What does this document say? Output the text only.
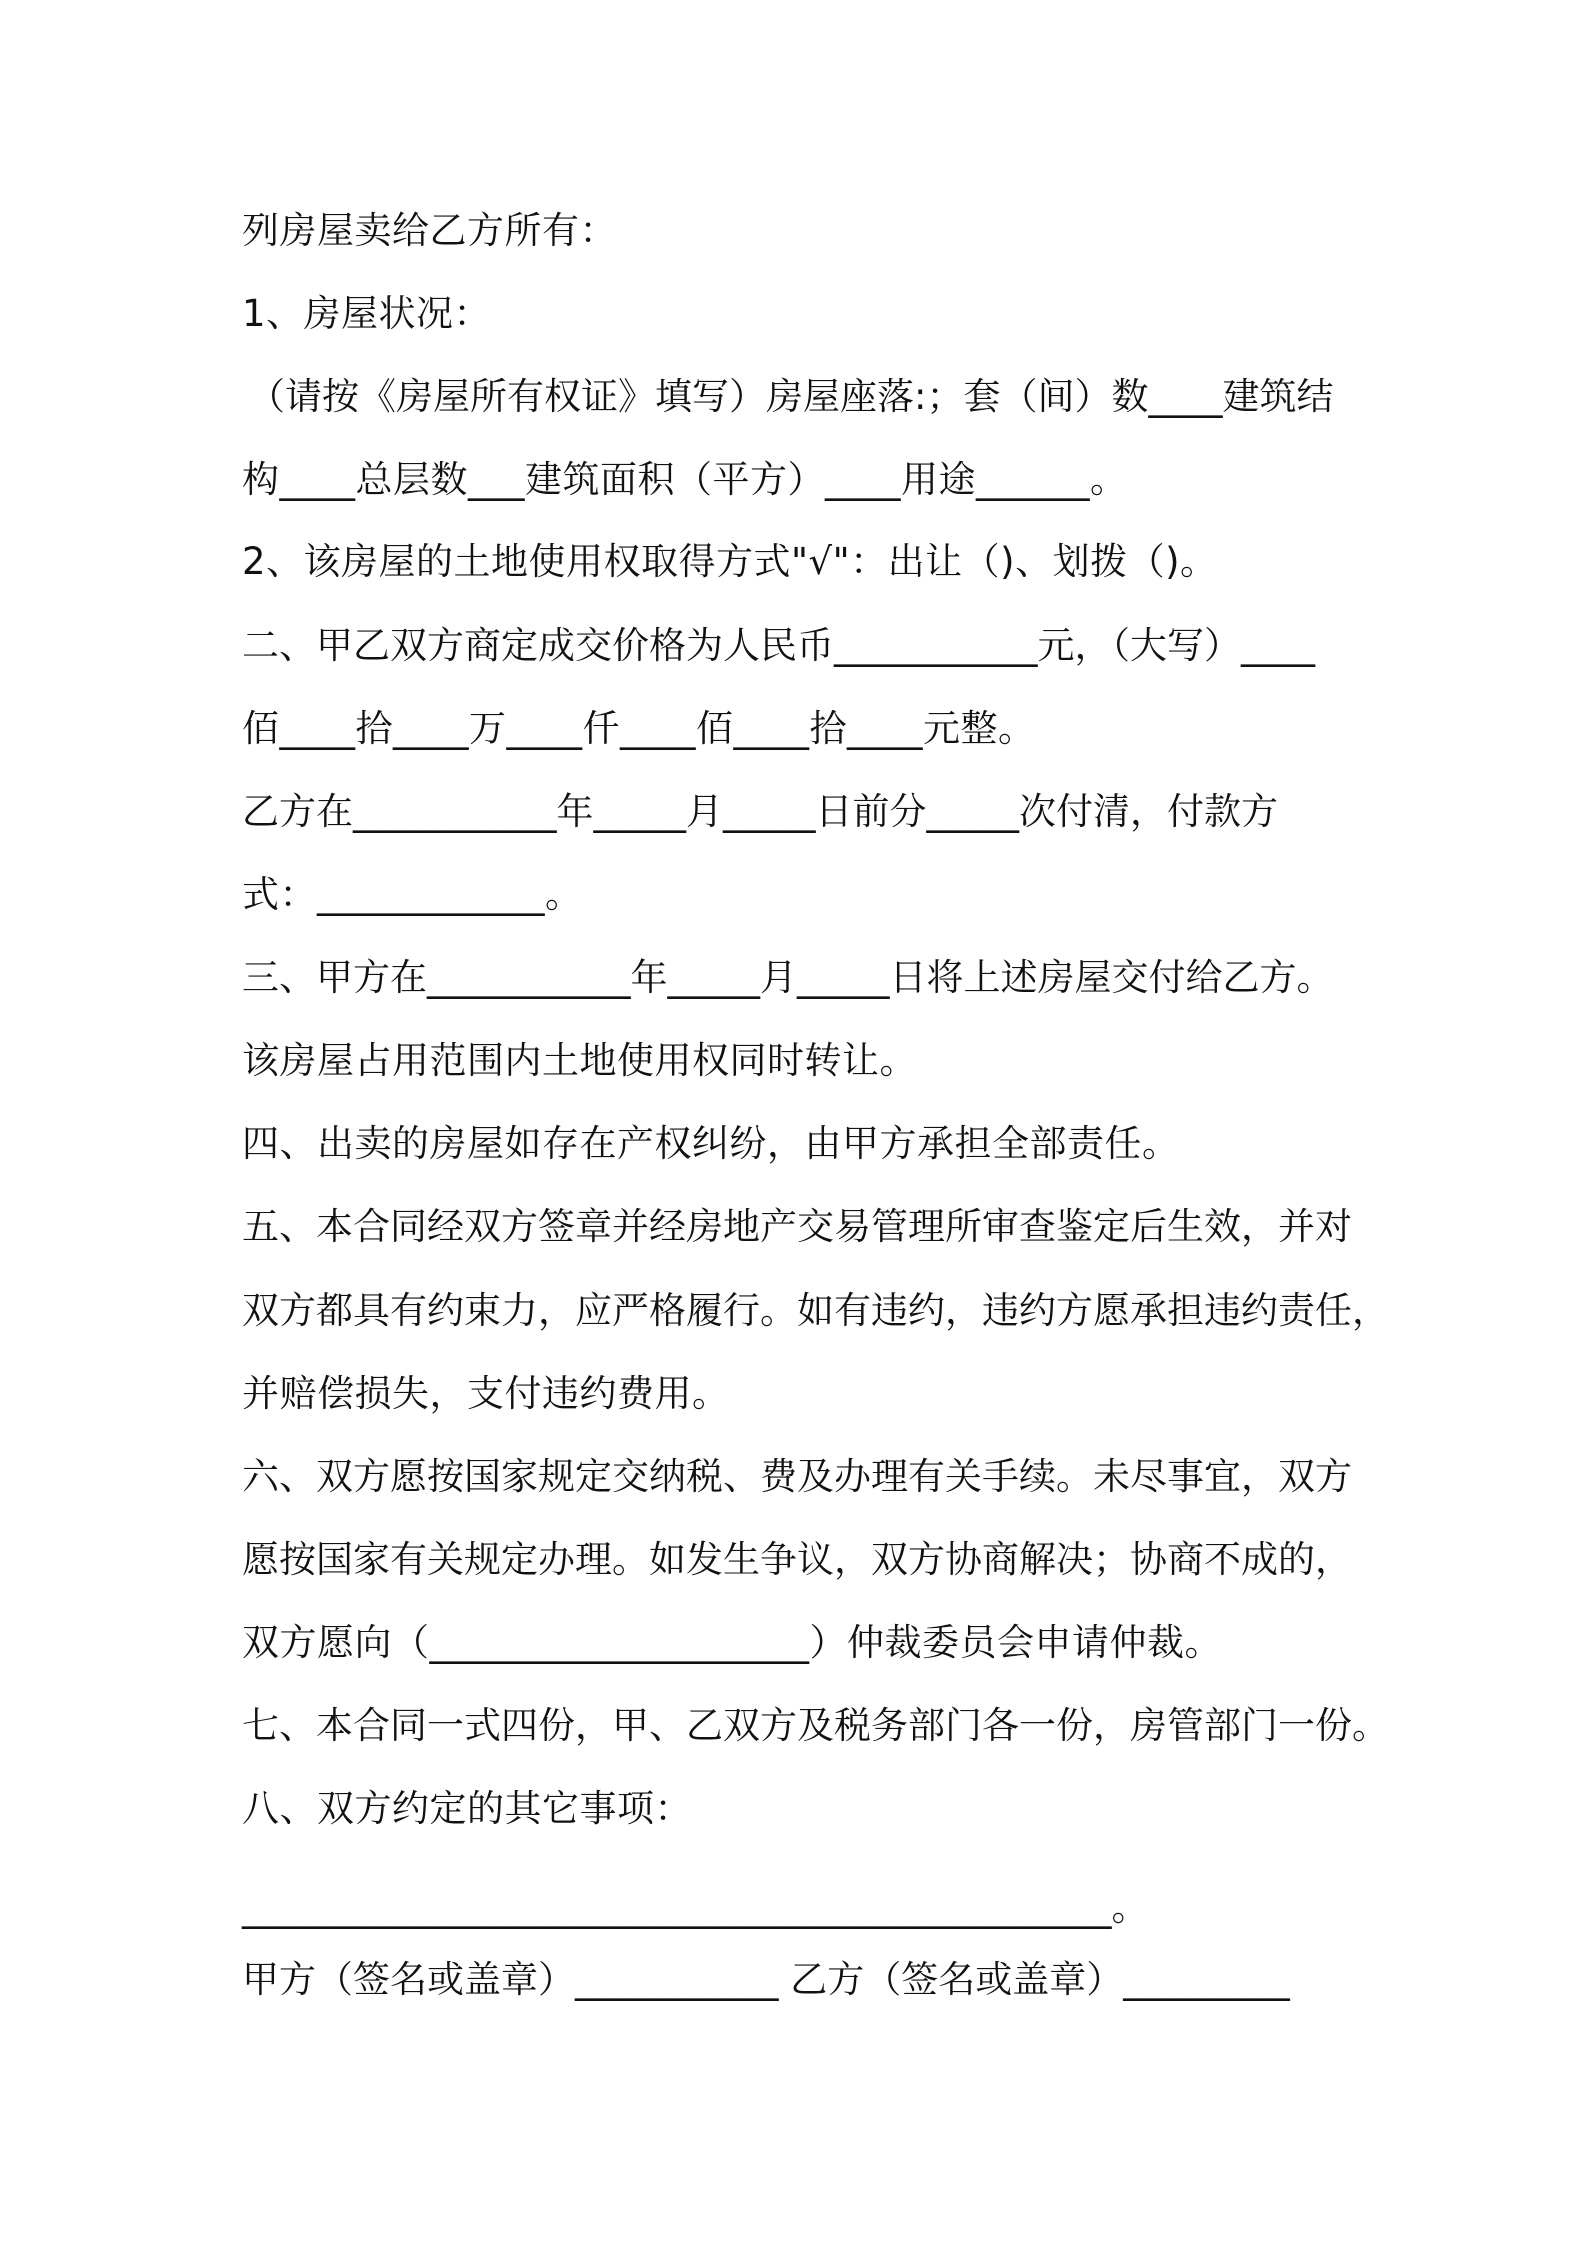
列房屋卖给乙方所有：
1、房屋状况：
（请按《房屋所有权证》填写）房屋座落:；套（间）数____建筑结
构____总层数___建筑面积（平方）____用途______。
2、该房屋的土地使用权取得方式"√"：出让（)、划拨（)。
二、甲乙双方商定成交价格为人民币___________元，（大写）____
佰____拾____万____仟____佰____拾____元整。
乙方在___________年_____月_____日前分_____次付清，付款方
式：____________。
三、甲方在___________年_____月_____日将上述房屋交付给乙方。
该房屋占用范围内土地使用权同时转让。
四、出卖的房屋如存在产权纠纷，由甲方承担全部责任。
五、本合同经双方签章并经房地产交易管理所审查鉴定后生效，并对
双方都具有约束力，应严格履行。如有违约，违约方愿承担违约责任，
并赔偿损失，支付违约费用。
六、双方愿按国家规定交纳税、费及办理有关手续。未尽事宜，双方
愿按国家有关规定办理。如发生争议，双方协商解决；协商不成的，
双方愿向（____________________）仲裁委员会申请仲裁。
七、本合同一式四份，甲、乙双方及税务部门各一份，房管部门一份。
八、双方约定的其它事项：
_______________________________________________。
甲方（签名或盖章）___________ 乙方（签名或盖章）_________
